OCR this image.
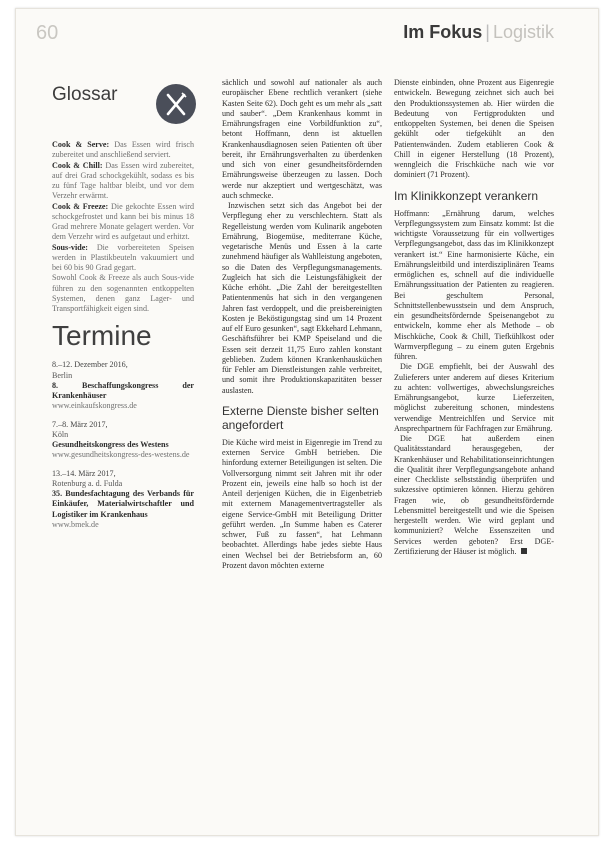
60	Im Fokus | Logistik
Glossar

Cook & Serve: Das Essen wird frisch zubereitet und anschließend serviert.

Cook & Chill: Das Essen wird zubereitet, auf drei Grad schockgekühlt, sodass es bis zu fünf Tage haltbar bleibt, und vor dem Verzehr erwärmt.

Cook & Freeze: Die gekochte Essen wird schockgefrostet und kann bei bis minus 18 Grad mehrere Monate gelagert werden. Vor dem Verzehr wird es aufgetaut und erhitzt.

Sous-vide: Die vorbereiteten Speisen werden in Plastikbeuteln vakuumiert und bei 60 bis 90 Grad gegart.

Sowohl Cook & Freeze als auch Sous-vide führen zu den sogenannten entkoppelten Systemen, denen ganz Lager- und Transportfähigkeit eigen sind.

Termine
8.–12. Dezember 2016,
Berlin
8. Beschaffungskongress der Krankenhäuser
www.einkaufskongress.de
7.–8. März 2017,
Köln
Gesundheitskongress des Westens
www.gesundheitskongress-des-westens.de
13.–14. März 2017,
Rotenburg a. d. Fulda
35. Bundesfachtagung des Verbands für Einkäufer, Materialwirtschaftler und Logistiker im Krankenhaus
www.bmek.de

sächlich und sowohl auf nationaler als auch europäischer Ebene rechtlich verankert (siehe Kasten Seite 62). Doch geht es um mehr als „satt und sauber“. „Dem Krankenhaus kommt in Ernährungsfragen eine Vorbildfunktion zu“, betont Hoffmann, denn ist aktuellen Krankenhausdiagnosen seien Patienten oft über bereit, ihr Ernährungsverhalten zu überdenken und sich von einer gesundheitsfördernden Ernährungsweise überzeugen zu lassen. Doch werde nur akzeptiert und wertgeschätzt, was auch schmecke.

Inzwischen setzt sich das Angebot bei der Verpflegung eher zu verschlechtern. Statt als Regelleistung werden vom Kulinarik angeboten Ernährung, Biogemüse, mediterrane Küche, vegetarische Menüs und Essen à la carte zunehmend häufiger als Wahlleistung angeboten, so die Daten des Verpflegungsmanagements. Zugleich hat sich die Leistungsfähigkeit der Küche erhöht. „Die Zahl der bereitgestellten Patientenmenüs hat sich in den vergangenen Jahren fast verdoppelt, und die preisbereinigten Kosten je Beköstigungstag sind um 14 Prozent auf elf Euro gesunken“, sagt Ekkehard Lehmann, Geschäftsführer bei KMP Speiseland und die Essen seit derzeit 11,75 Euro zahlen konstant geblieben. Zudem können Krankenhausküchen für Fehler am Dienstleistungen zahle verbreitet, und somit ihre Produktionskapazitäten besser auslasten.

Externe Dienste bisher selten angefordert

Die Küche wird meist in Eigenregie im Trend zu externen Service GmbH betrieben. Die hinfordung externer Beteiligungen ist selten. Die Vollversorgung nimmt seit Jahren mit ihr oder Prozent ein, jeweils eine halb so hoch ist der Anteil derjenigen Küchen, die in Eigenbetrieb mit externem Managementvertragsteller als eigene Service-GmbH mit Beteiligung Dritter geführt werden. „In Summe haben es Caterer schwer, Fuß zu fassen“, hat Lehmann beobachtet. Allerdings habe jedes siebte Haus einen Wechsel bei der Betriebsform an, 60 Prozent davon möchten externe

Dienste einbinden, ohne Prozent aus Eigenregie entwickeln. Bewegung zeichnet sich auch bei den Produktionssystemen ab. Hier würden die Bedeutung von Fertigprodukten und entkoppelten Systemen, bei denen die Speisen gekühlt oder tiefgekühlt an den Patientenwänden. Zudem etablieren Cook & Chill in eigener Herstellung (18 Prozent), wenngleich die Frischküche nach wie vor dominiert (71 Prozent).

Im Klinikkonzept verankern

Hoffmann: „Ernährung darum, welches Verpflegungssystem zum Einsatz kommt: Ist die wichtigste Voraussetzung für ein vollwertiges Verpflegungsangebot, dass das im Klinikkonzept verankert ist.“ Eine harmonisierte Küche, ein Ernährungsleitbild und interdisziplinären Teams ermöglichen es, schnell auf die individuelle Ernährungssituation der Patienten zu reagieren. Bei geschultem Personal, Schnittstellenbewusstsein und dem Anspruch, ein gesundheitsfördernde Speisenangebot zu entwickeln, komme eher als Methode – ob Mischküche, Cook & Chill, Tiefkühlkost oder Warmverpflegung – zu einem guten Ergebnis führen.

Die DGE empfiehlt, bei der Auswahl des Zulieferers unter anderem auf dieses Kriterium zu achten: vollwertiges, abwechslungsreiches Ernährungsangebot, kurze Lieferzeiten, möglichst zubereitung schonen, mindestens verwendige Mentreichlfen und Service mit Ansprechpartnern für Fachfragen zur Ernährung.

Die DGE hat außerdem einen Qualitätsstandard herausgegeben, der Krankenhäuser und Rehabilitationseinrichtungen die Qualität ihrer Verpflegungsangebote anhand einer Checkliste selbstständig überprüfen und sukzessive optimieren können. Hierzu gehören Fragen wie, ob gesundheitsfördernde Lebensmittel bereitgestellt und wie die Speisen hergestellt werden. Wie wird geplant und kommuniziert? Welche Essenszeiten und Services werden geboten? Erst DGE-Zertifizierung der Häuser ist möglich.
